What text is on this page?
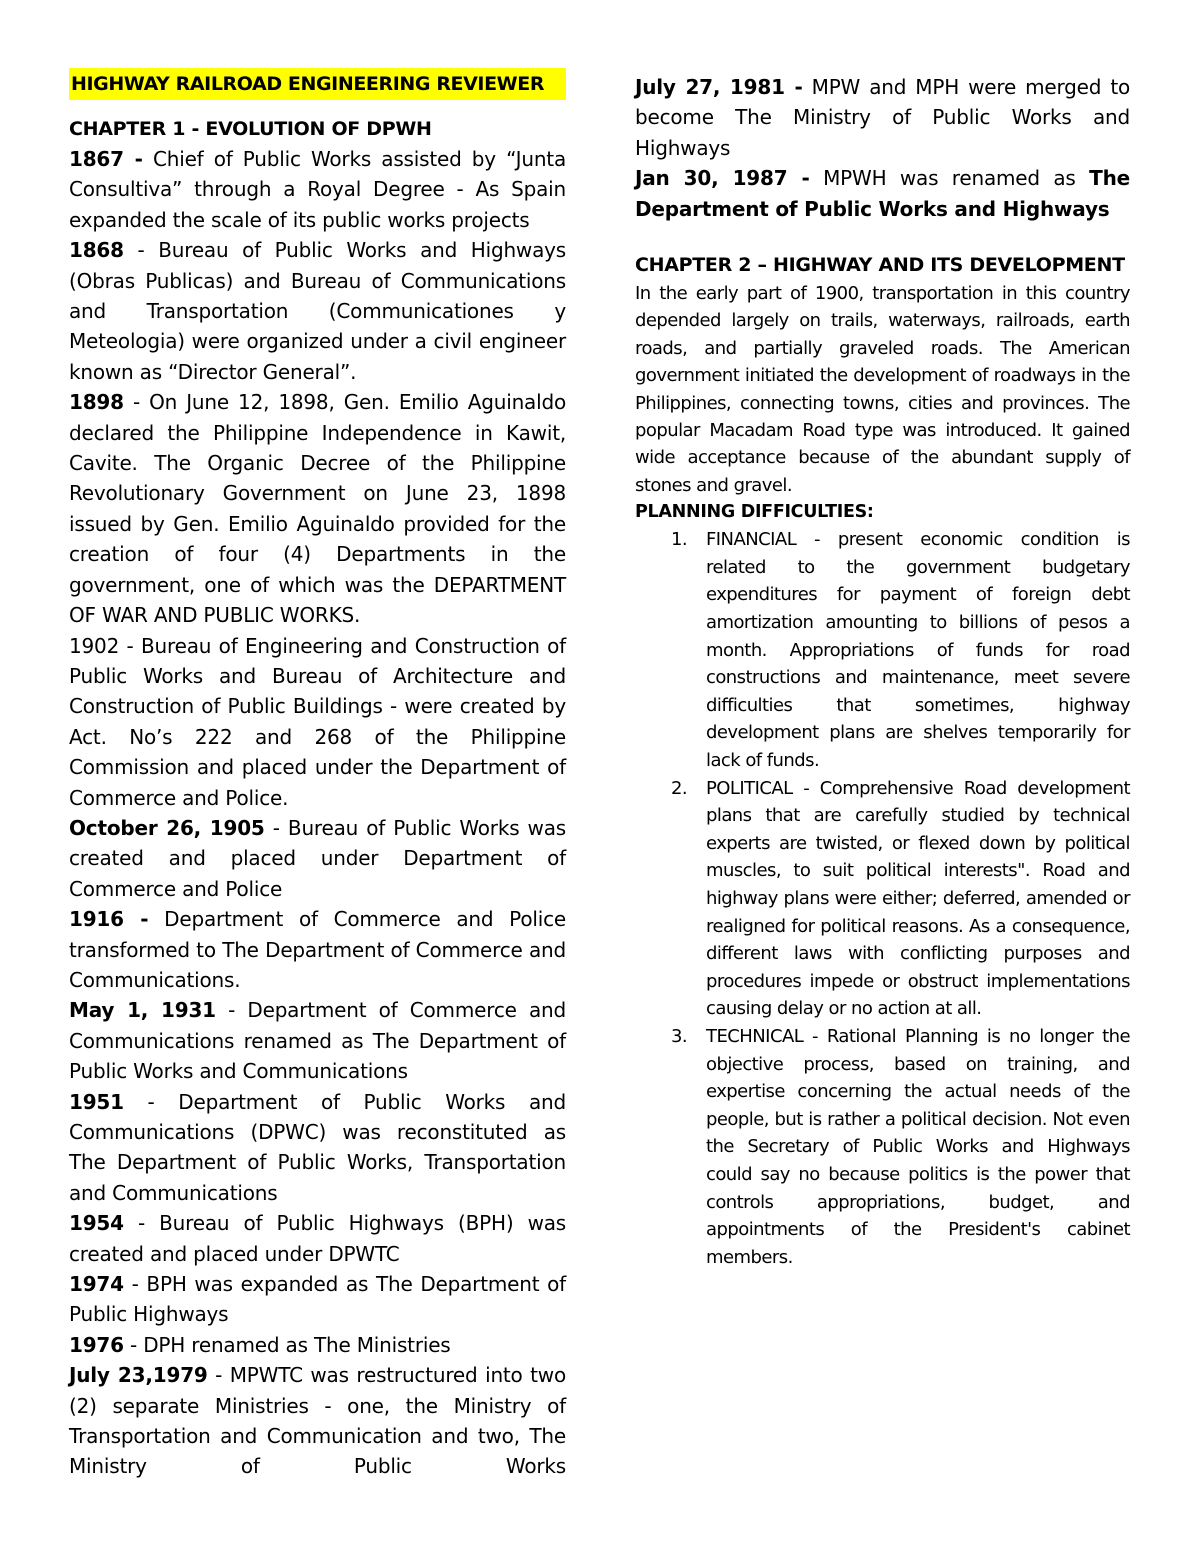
HIGHWAY RAILROAD ENGINEERING REVIEWER
CHAPTER 1 - EVOLUTION OF DPWH

1867 - Chief of Public Works assisted by “Junta Consultiva” through a Royal Degree - As Spain expanded the scale of its public works projects

1868 - Bureau of Public Works and Highways (Obras Publicas) and Bureau of Communications and Transportation (Communicationes y Meteologia) were organized under a civil engineer known as “Director General”.

1898 - On June 12, 1898, Gen. Emilio Aguinaldo declared the Philippine Independence in Kawit, Cavite. The Organic Decree of the Philippine Revolutionary Government on June 23, 1898 issued by Gen. Emilio Aguinaldo provided for the creation of four (4) Departments in the government, one of which was the DEPARTMENT OF WAR AND PUBLIC WORKS.

1902 - Bureau of Engineering and Construction of Public Works and Bureau of Architecture and Construction of Public Buildings - were created by Act. No’s 222 and 268 of the Philippine Commission and placed under the Department of Commerce and Police.

October 26, 1905 - Bureau of Public Works was created and placed under Department of Commerce and Police

1916 - Department of Commerce and Police transformed to The Department of Commerce and Communications.

May 1, 1931 - Department of Commerce and Communications renamed as The Department of Public Works and Communications

1951 - Department of Public Works and Communications (DPWC) was reconstituted as The Department of Public Works, Transportation and Communications

1954 - Bureau of Public Highways (BPH) was created and placed under DPWTC

1974 - BPH was expanded as The Department of Public Highways

1976 - DPH renamed as The Ministries

July 23,1979 - MPWTC was restructured into two (2) separate Ministries - one, the Ministry of Transportation and Communication and two, The Ministry of Public Works

July 27, 1981 - MPW and MPH were merged to become The Ministry of Public Works and Highways

Jan 30, 1987 - MPWH was renamed as The Department of Public Works and Highways

CHAPTER 2 – HIGHWAY AND ITS DEVELOPMENT

In the early part of 1900, transportation in this country depended largely on trails, waterways, railroads, earth roads, and partially graveled roads. The American government initiated the development of roadways in the Philippines, connecting towns, cities and provinces. The popular Macadam Road type was introduced. It gained wide acceptance because of the abundant supply of stones and gravel.

PLANNING DIFFICULTIES:
1. FINANCIAL - present economic condition is related to the government budgetary expenditures for payment of foreign debt amortization amounting to billions of pesos a month. Appropriations of funds for road constructions and maintenance, meet severe difficulties that sometimes, highway development plans are shelves temporarily for lack of funds.
2. POLITICAL - Comprehensive Road development plans that are carefully studied by technical experts are twisted, or flexed down by political muscles, to suit political interests". Road and highway plans were either; deferred, amended or realigned for political reasons. As a consequence, different laws with conflicting purposes and procedures impede or obstruct implementations causing delay or no action at all.
3. TECHNICAL - Rational Planning is no longer the objective process, based on training, and expertise concerning the actual needs of the people, but is rather a political decision. Not even the Secretary of Public Works and Highways could say no because politics is the power that controls appropriations, budget, and appointments of the President's cabinet members.
